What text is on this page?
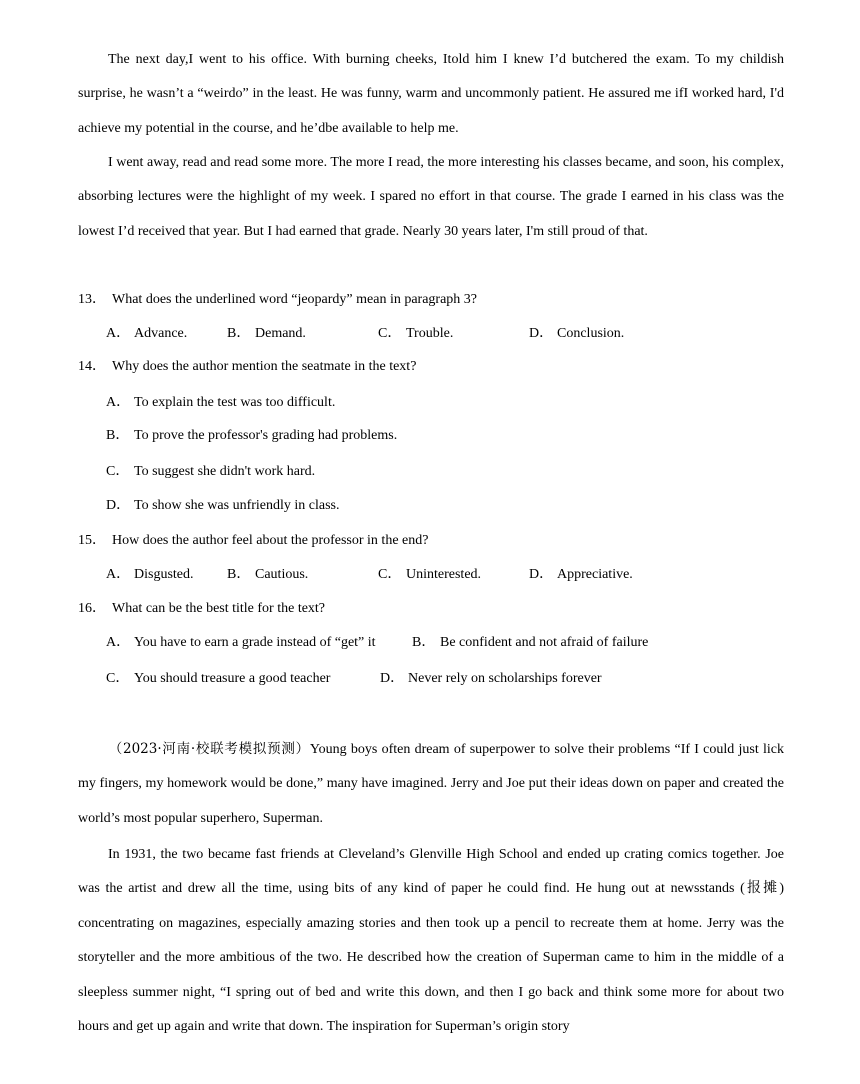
The next day,I went to his office. With burning cheeks, Itold him I knew I’d butchered the exam. To my childish surprise, he wasn’t a “weirdo” in the least. He was funny, warm and uncommonly patient. He assured me ifI worked hard, I'd achieve my potential in the course, and he’dbe available to help me.

I went away, read and read some more. The more I read, the more interesting his classes became, and soon, his complex, absorbing lectures were the highlight of my week. I spared no effort in that course. The grade I earned in his class was the lowest I’d received that year. But I had earned that grade. Nearly 30 years later, I'm still proud of that.

13． What does the underlined word “jeopardy” mean in paragraph 3?
A． Advance.	B． Demand.	C． Trouble.	D． Conclusion.
14． Why does the author mention the seatmate in the text?
A． To explain the test was too difficult.
B． To prove the professor's grading had problems.
C． To suggest she didn't work hard.
D． To show she was unfriendly in class.
15． How does the author feel about the professor in the end?
A． Disgusted. B． Cautious.	C． Uninterested.	D． Appreciative.
16． What can be the best title for the text?
A． You have to earn a grade instead of “get” it	B． Be confident and not afraid of failure
C． You should treasure a good teacher	D． Never rely on scholarships forever

（2023·河南·校联考模拟预测）Young boys often dream of superpower to solve their problems “If I could just lick my fingers, my homework would be done,” many have imagined. Jerry and Joe put their ideas down on paper and created the world’s most popular superhero, Superman.

In 1931, the two became fast friends at Cleveland’s Glenville High School and ended up crating comics together. Joe was the artist and drew all the time, using bits of any kind of paper he could find. He hung out at newsstands (报摊) concentrating on magazines, especially amazing stories and then took up a pencil to recreate them at home. Jerry was the storyteller and the more ambitious of the two. He described how the creation of Superman came to him in the middle of a sleepless summer night, “I spring out of bed and write this down, and then I go back and think some more for about two hours and get up again and write that down. The inspiration for Superman’s origin story
